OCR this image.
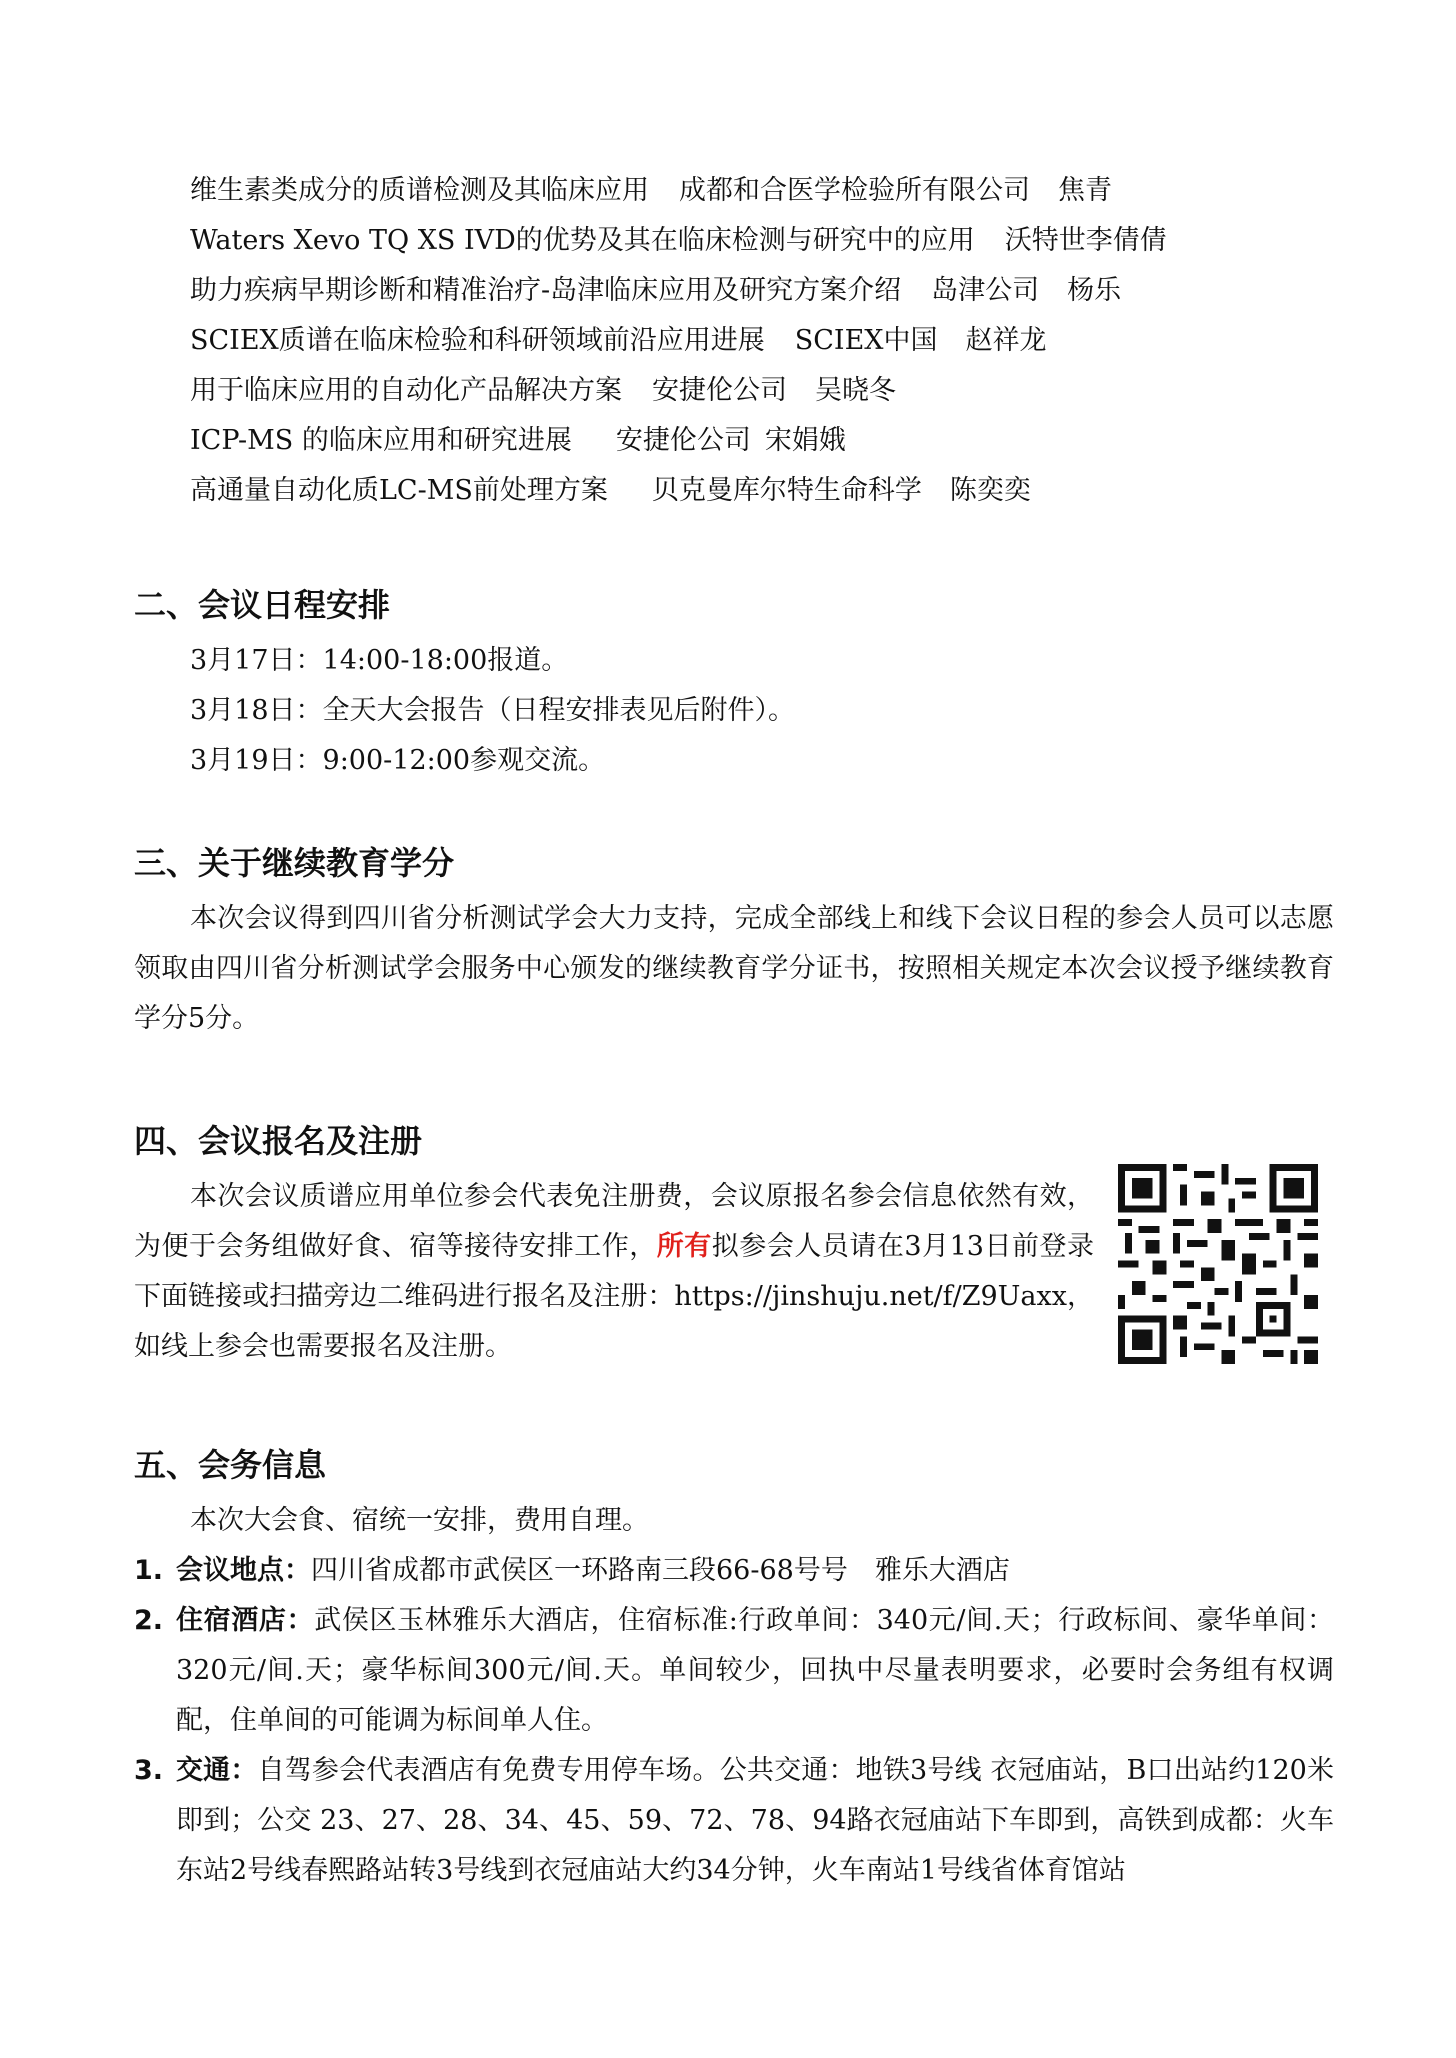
维生素类成分的质谱检测及其临床应用 成都和合医学检验所有限公司 焦青
Waters Xevo TQ XS IVD的优势及其在临床检测与研究中的应用 沃特世李倩倩
助力疾病早期诊断和精准治疗-岛津临床应用及研究方案介绍 岛津公司 杨乐
SCIEX质谱在临床检验和科研领域前沿应用进展 SCIEX中国 赵祥龙
用于临床应用的自动化产品解决方案 安捷伦公司 吴晓冬
ICP-MS 的临床应用和研究进展 安捷伦公司 宋娟娥
高通量自动化质LC-MS前处理方案 贝克曼库尔特生命科学 陈奕奕
二、会议日程安排
3月17日：14:00-18:00报道。
3月18日：全天大会报告（日程安排表见后附件）。
3月19日：9:00-12:00参观交流。
三、关于继续教育学分

本次会议得到四川省分析测试学会大力支持，完成全部线上和线下会议日程的参会人员可以志愿领取由四川省分析测试学会服务中心颁发的继续教育学分证书，按照相关规定本次会议授予继续教育学分5分。

四、会议报名及注册

本次会议质谱应用单位参会代表免注册费，会议原报名参会信息依然有效，为便于会务组做好食、宿等接待安排工作，所有拟参会人员请在3月13日前登录下面链接或扫描旁边二维码进行报名及注册：https://jinshuju.net/f/Z9Uaxx，如线上参会也需要报名及注册。

五、会务信息
本次大会食、宿统一安排，费用自理。
1. 会议地点：四川省成都市武侯区一环路南三段66-68号号　雅乐大酒店
2. 住宿酒店：武侯区玉林雅乐大酒店，住宿标准:行政单间：340元/间.天；行政标间、豪华单间：320元/间.天；豪华标间300元/间.天。单间较少，回执中尽量表明要求，必要时会务组有权调配，住单间的可能调为标间单人住。
3. 交通：自驾参会代表酒店有免费专用停车场。公共交通：地铁3号线 衣冠庙站，B口出站约120米即到；公交 23、27、28、34、45、59、72、78、94路衣冠庙站下车即到，高铁到成都：火车东站2号线春熙路站转3号线到衣冠庙站大约34分钟，火车南站1号线省体育馆站
